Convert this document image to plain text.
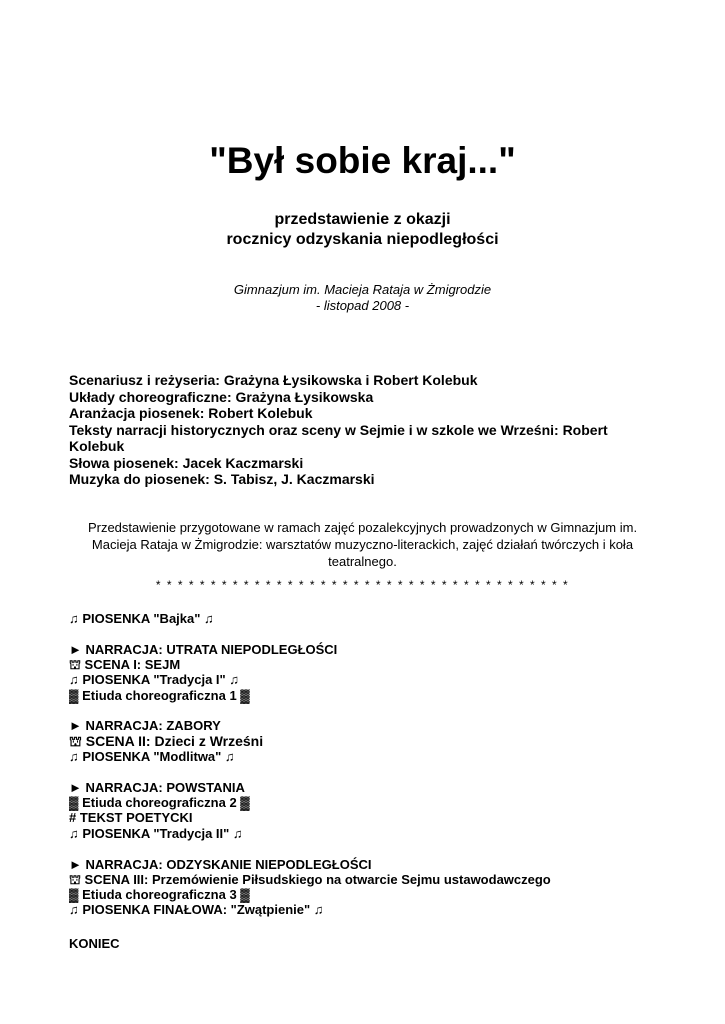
"Był sobie kraj..."
przedstawienie z okazji
rocznicy odzyskania niepodległości
Gimnazjum im. Macieja Rataja w Żmigrodzie
- listopad 2008 -
Scenariusz i reżyseria: Grażyna Łysikowska i Robert Kolebuk
Układy choreograficzne: Grażyna Łysikowska
Aranżacja piosenek: Robert Kolebuk
Teksty narracji historycznych oraz sceny w Sejmie i w szkole we Wrześni: Robert
Kolebuk
Słowa piosenek: Jacek Kaczmarski
Muzyka do piosenek: S. Tabisz, J. Kaczmarski
Przedstawienie przygotowane w ramach zajęć pozalekcyjnych prowadzonych w Gimnazjum im.
Macieja Rataja w Żmigrodzie: warsztatów muzyczno-literackich, zajęć działań twórczych i koła
teatralnego.
* * * * * * * * * * * * * * * * * * * * * * * * * * * * * * * * * * * * * *
♫ PIOSENKA "Bajka" ♫
► NARRACJA: UTRATA NIEPODLEGŁOŚCI
⛫ SCENA I: SEJM
♫ PIOSENKA "Tradycja I" ♫
▓ Etiuda choreograficzna 1 ▓
► NARRACJA: ZABORY
⛫ SCENA II: Dzieci z Wrześni
♫ PIOSENKA "Modlitwa" ♫
► NARRACJA: POWSTANIA
▓ Etiuda choreograficzna 2 ▓
# TEKST POETYCKI
♫ PIOSENKA "Tradycja II" ♫
► NARRACJA: ODZYSKANIE NIEPODLEGŁOŚCI
⛫ SCENA III: Przemówienie Piłsudskiego na otwarcie Sejmu ustawodawczego
▓ Etiuda choreograficzna 3 ▓
♫ PIOSENKA FINAŁOWA: "Zwątpienie" ♫
KONIEC
